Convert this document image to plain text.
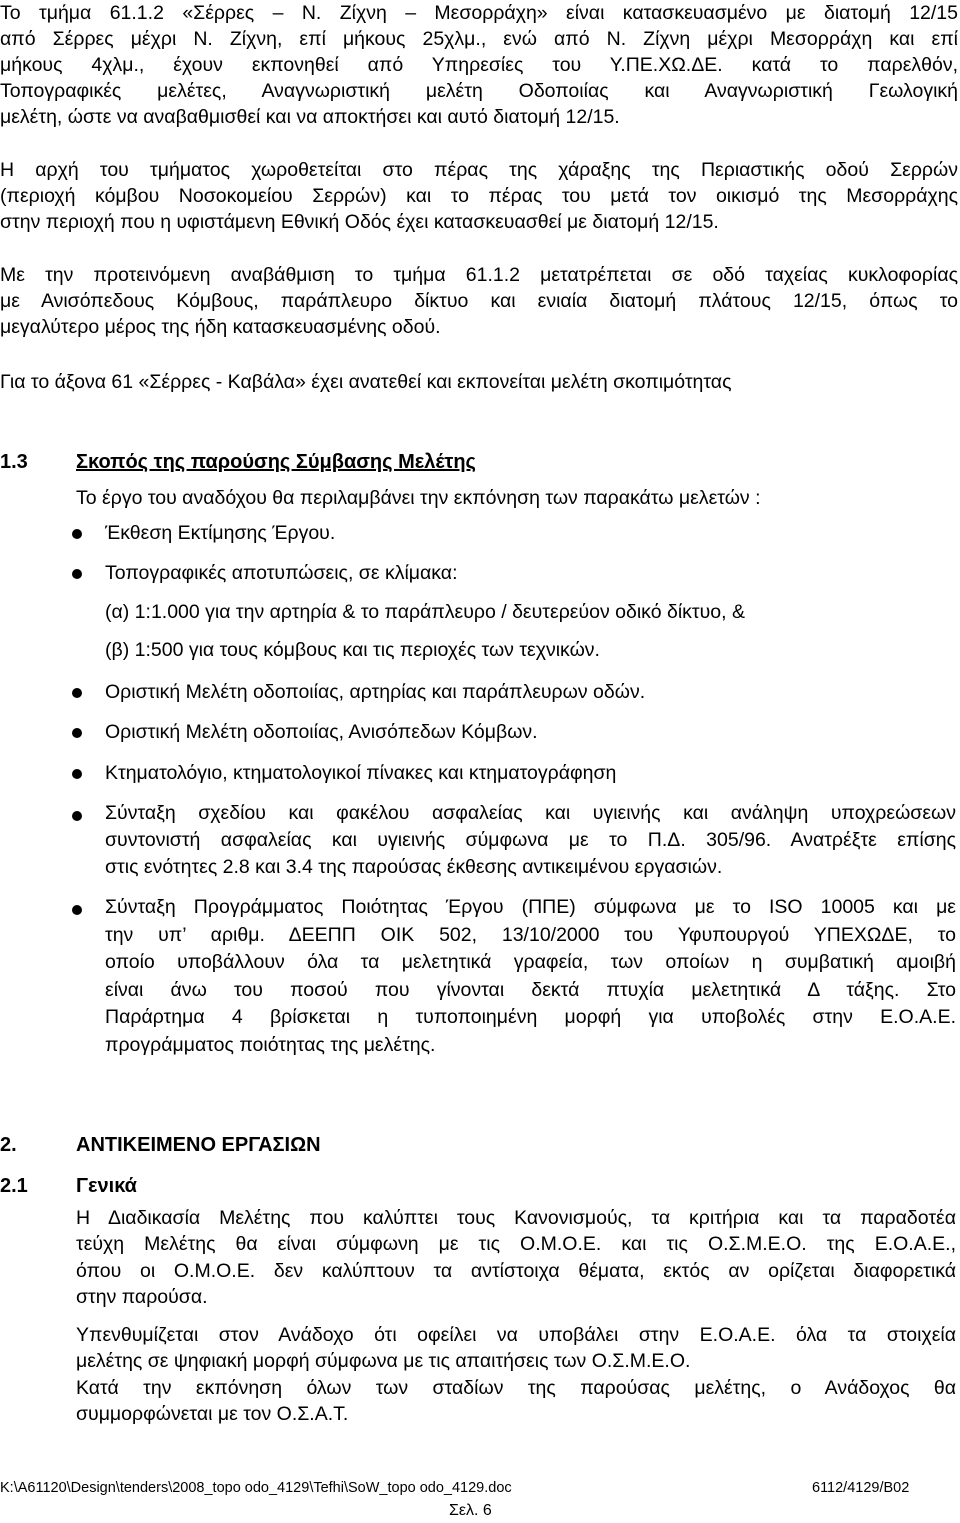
Το τμήμα 61.1.2 «Σέρρες – Ν. Ζίχνη – Μεσορράχη» είναι κατασκευασμένο με διατομή 12/15
από Σέρρες μέχρι Ν. Ζίχνη, επί μήκους 25χλμ., ενώ από Ν. Ζίχνη μέχρι Μεσορράχη και επί
μήκους 4χλμ., έχουν εκπονηθεί από Υπηρεσίες του Υ.ΠΕ.ΧΩ.ΔΕ. κατά το παρελθόν,
Τοπογραφικές μελέτες, Αναγνωριστική μελέτη Οδοποιίας και Αναγνωριστική Γεωλογική
μελέτη, ώστε να αναβαθμισθεί και να αποκτήσει και αυτό διατομή 12/15.
Η αρχή του τμήματος χωροθετείται στο πέρας της χάραξης της Περιαστικής οδού Σερρών
(περιοχή κόμβου Νοσοκομείου Σερρών) και το πέρας του μετά τον οικισμό της Μεσορράχης
στην περιοχή που η υφιστάμενη Εθνική Οδός έχει κατασκευασθεί με διατομή 12/15.
Με την προτεινόμενη αναβάθμιση το τμήμα 61.1.2 μετατρέπεται σε οδό ταχείας κυκλοφορίας
με Ανισόπεδους Κόμβους, παράπλευρο δίκτυο και ενιαία διατομή πλάτους 12/15, όπως το
μεγαλύτερο μέρος της ήδη κατασκευασμένης οδού.
Για το άξονα 61 «Σέρρες - Καβάλα» έχει ανατεθεί και εκπονείται μελέτη σκοπιμότητας
1.3 Σκοπός της παρούσης Σύμβασης Μελέτης
Το έργο του αναδόχου θα περιλαμβάνει την εκπόνηση των παρακάτω μελετών :
Έκθεση Εκτίμησης Έργου.
Τοπογραφικές αποτυπώσεις, σε κλίμακα:
(α) 1:1.000 για την αρτηρία & το παράπλευρο / δευτερεύον οδικό δίκτυο, &
(β) 1:500 για τους κόμβους και τις περιοχές των τεχνικών.
Οριστική Μελέτη οδοποιίας, αρτηρίας και παράπλευρων οδών.
Οριστική Μελέτη οδοποιίας, Ανισόπεδων Κόμβων.
Κτηματολόγιο, κτηματολογικοί πίνακες και κτηματογράφηση
Σύνταξη σχεδίου και φακέλου ασφαλείας και υγιεινής και ανάληψη υποχρεώσεων
συντονιστή ασφαλείας και υγιεινής σύμφωνα με το Π.Δ. 305/96. Ανατρέξτε επίσης
στις ενότητες 2.8 και 3.4 της παρούσας έκθεσης αντικειμένου εργασιών.
Σύνταξη Προγράμματος Ποιότητας Έργου (ΠΠΕ) σύμφωνα με το ISO 10005 και με
την υπ’ αριθμ. ΔΕΕΠΠ ΟΙΚ 502, 13/10/2000 του Υφυπουργού ΥΠΕΧΩΔΕ, το
οποίο υποβάλλουν όλα τα μελετητικά γραφεία, των οποίων η συμβατική αμοιβή
είναι άνω του ποσού που γίνονται δεκτά πτυχία μελετητικά Δ τάξης. Στο
Παράρτημα 4 βρίσκεται η τυποποιημένη μορφή για υποβολές στην Ε.Ο.Α.Ε.
προγράμματος ποιότητας της μελέτης.
2.	ΑΝΤΙΚΕΙΜΕΝΟ ΕΡΓΑΣΙΩΝ
2.1 Γενικά
Η Διαδικασία Μελέτης που καλύπτει τους Κανονισμούς, τα κριτήρια και τα παραδοτέα
τεύχη Μελέτης θα είναι σύμφωνη με τις Ο.Μ.Ο.Ε. και τις Ο.Σ.Μ.Ε.Ο. της Ε.Ο.Α.Ε.,
όπου οι Ο.Μ.Ο.Ε. δεν καλύπτουν τα αντίστοιχα θέματα, εκτός αν ορίζεται διαφορετικά
στην παρούσα.
Υπενθυμίζεται στον Ανάδοχο ότι οφείλει να υποβάλει στην Ε.Ο.Α.Ε. όλα τα στοιχεία
μελέτης σε ψηφιακή μορφή σύμφωνα με τις απαιτήσεις των Ο.Σ.Μ.Ε.Ο.
Κατά την εκπόνηση όλων των σταδίων της παρούσας μελέτης, ο Ανάδοχος θα
συμμορφώνεται με τον Ο.Σ.Α.Τ.
K:\A61120\Design\tenders\2008_topo odo_4129\Tefhi\SoW_topo odo_4129.doc	6112/4129/B02
Σελ. 6
